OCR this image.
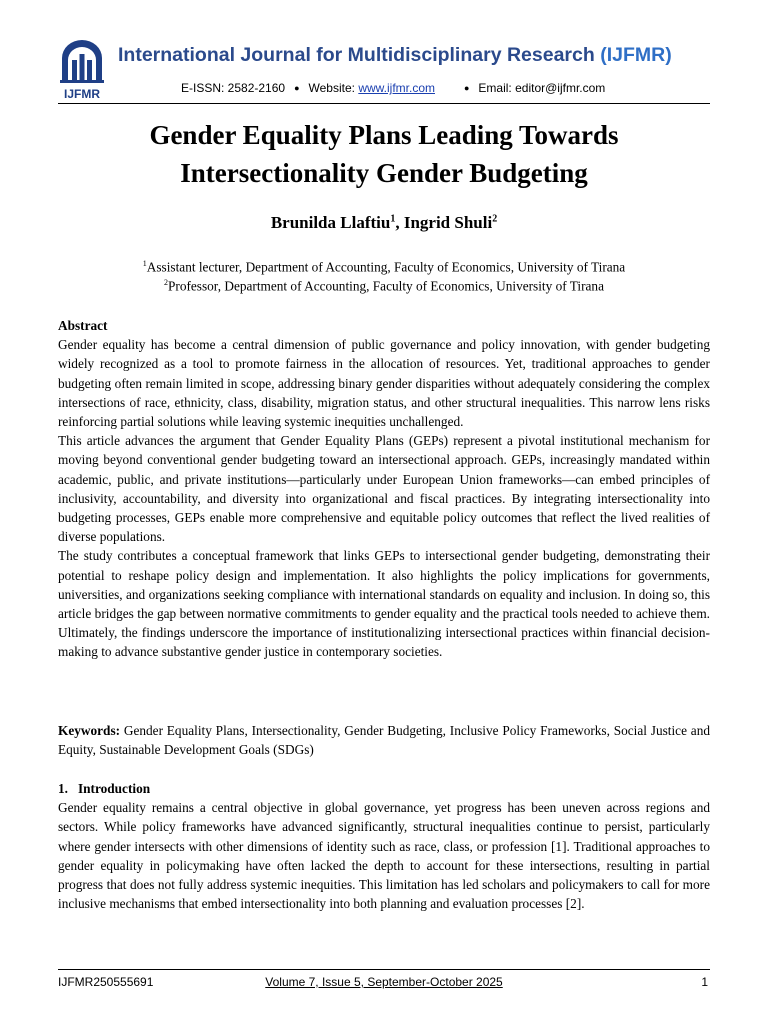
IJFMR
International Journal for Multidisciplinary Research (IJFMR)
E-ISSN: 2582-2160 ● Website: www.ijfmr.com	● Email: editor@ijfmr.com
Gender Equality Plans Leading Towards
Intersectionality Gender Budgeting
Brunilda Llaftiu$^1$, Ingrid Shuli$^2$
$^1$Assistant lecturer, Department of Accounting, Faculty of Economics, University of Tirana
$^2$Professor, Department of Accounting, Faculty of Economics, University of Tirana

Abstract

Gender equality has become a central dimension of public governance and policy innovation, with gender budgeting widely recognized as a tool to promote fairness in the allocation of resources. Yet, traditional approaches to gender budgeting often remain limited in scope, addressing binary gender disparities without adequately considering the complex intersections of race, ethnicity, class, disability, migration status, and other structural inequalities. This narrow lens risks reinforcing partial solutions while leaving systemic inequities unchallenged.

This article advances the argument that Gender Equality Plans (GEPs) represent a pivotal institutional mechanism for moving beyond conventional gender budgeting toward an intersectional approach. GEPs, increasingly mandated within academic, public, and private institutions—particularly under European Union frameworks—can embed principles of inclusivity, accountability, and diversity into organizational and fiscal practices. By integrating intersectionality into budgeting processes, GEPs enable more comprehensive and equitable policy outcomes that reflect the lived realities of diverse populations.

The study contributes a conceptual framework that links GEPs to intersectional gender budgeting, demonstrating their potential to reshape policy design and implementation. It also highlights the policy implications for governments, universities, and organizations seeking compliance with international standards on equality and inclusion. In doing so, this article bridges the gap between normative commitments to gender equality and the practical tools needed to achieve them. Ultimately, the findings underscore the importance of institutionalizing intersectional practices within financial decision-making to advance substantive gender justice in contemporary societies.

Keywords: Gender Equality Plans, Intersectionality, Gender Budgeting, Inclusive Policy Frameworks, Social Justice and Equity, Sustainable Development Goals (SDGs)

1.   Introduction

Gender equality remains a central objective in global governance, yet progress has been uneven across regions and sectors. While policy frameworks have advanced significantly, structural inequalities continue to persist, particularly where gender intersects with other dimensions of identity such as race, class, or profession [1]. Traditional approaches to gender equality in policymaking have often lacked the depth to account for these intersections, resulting in partial progress that does not fully address systemic inequities. This limitation has led scholars and policymakers to call for more inclusive mechanisms that embed intersectionality into both planning and evaluation processes [2].

IJFMR250555691	Volume 7, Issue 5, September-October 2025	1
